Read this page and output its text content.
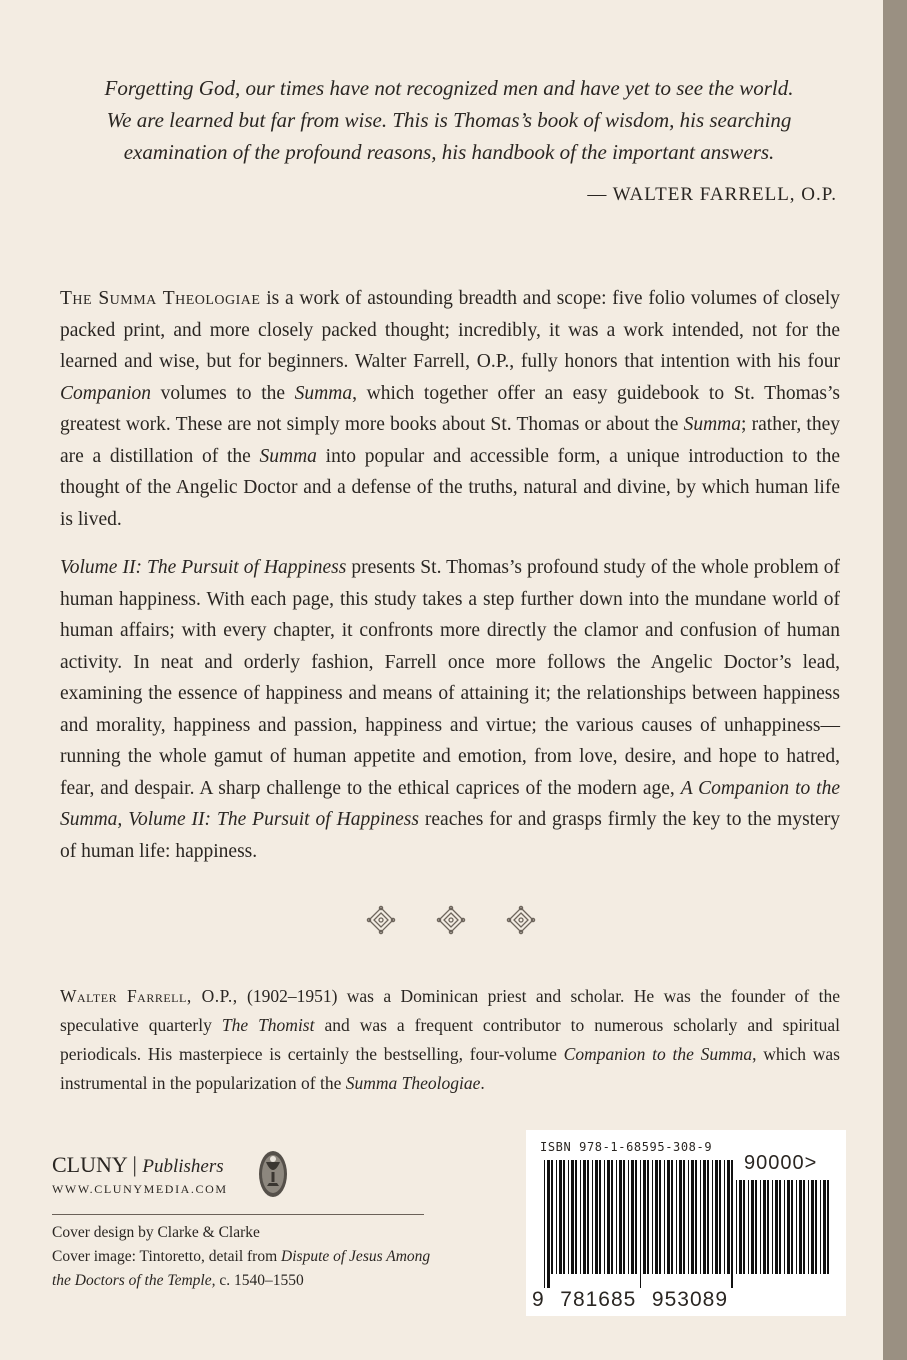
Forgetting God, our times have not recognized men and have yet to see the world.

We are learned but far from wise. This is Thomas’s book of wisdom, his searching

examination of the profound reasons, his handbook of the important answers.

— WALTER FARRELL, O.P.

The Summa Theologiae is a work of astounding breadth and scope: five folio volumes of closely packed print, and more closely packed thought; incredibly, it was a work intended, not for the learned and wise, but for beginners. Walter Farrell, O.P., fully honors that intention with his four Companion volumes to the Summa, which together offer an easy guidebook to St. Thomas’s greatest work. These are not simply more books about St. Thomas or about the Summa; rather, they are a distillation of the Summa into popular and accessible form, a unique introduction to the thought of the Angelic Doctor and a defense of the truths, natural and divine, by which human life is lived.

Volume II: The Pursuit of Happiness presents St. Thomas’s profound study of the whole problem of human happiness. With each page, this study takes a step further down into the mundane world of human affairs; with every chapter, it confronts more directly the clamor and confusion of human activity. In neat and orderly fashion, Farrell once more follows the Angelic Doctor’s lead, examining the essence of happiness and means of attaining it; the relationships between happiness and morality, happiness and passion, happiness and virtue; the various causes of unhappiness—running the whole gamut of human appetite and emotion, from love, desire, and hope to hatred, fear, and despair. A sharp challenge to the ethical caprices of the modern age, A Companion to the Summa, Volume II: The Pursuit of Happiness reaches for and grasps firmly the key to the mystery of human life: happiness.

Walter Farrell, O.P., (1902–1951) was a Dominican priest and scholar. He was the founder of the speculative quarterly The Thomist and was a frequent contributor to numerous scholarly and spiritual periodicals. His masterpiece is certainly the bestselling, four-volume Companion to the Summa, which was instrumental in the popularization of the Summa Theologiae.

CLUNY | Publishers
WWW.CLUNYMEDIA.COM
Cover design by Clarke & Clarke
Cover image: Tintoretto, detail from Dispute of Jesus Among the Doctors of the Temple, c. 1540–1550
ISBN 978-1-68595-308-9
90000>
9 781685 953089
